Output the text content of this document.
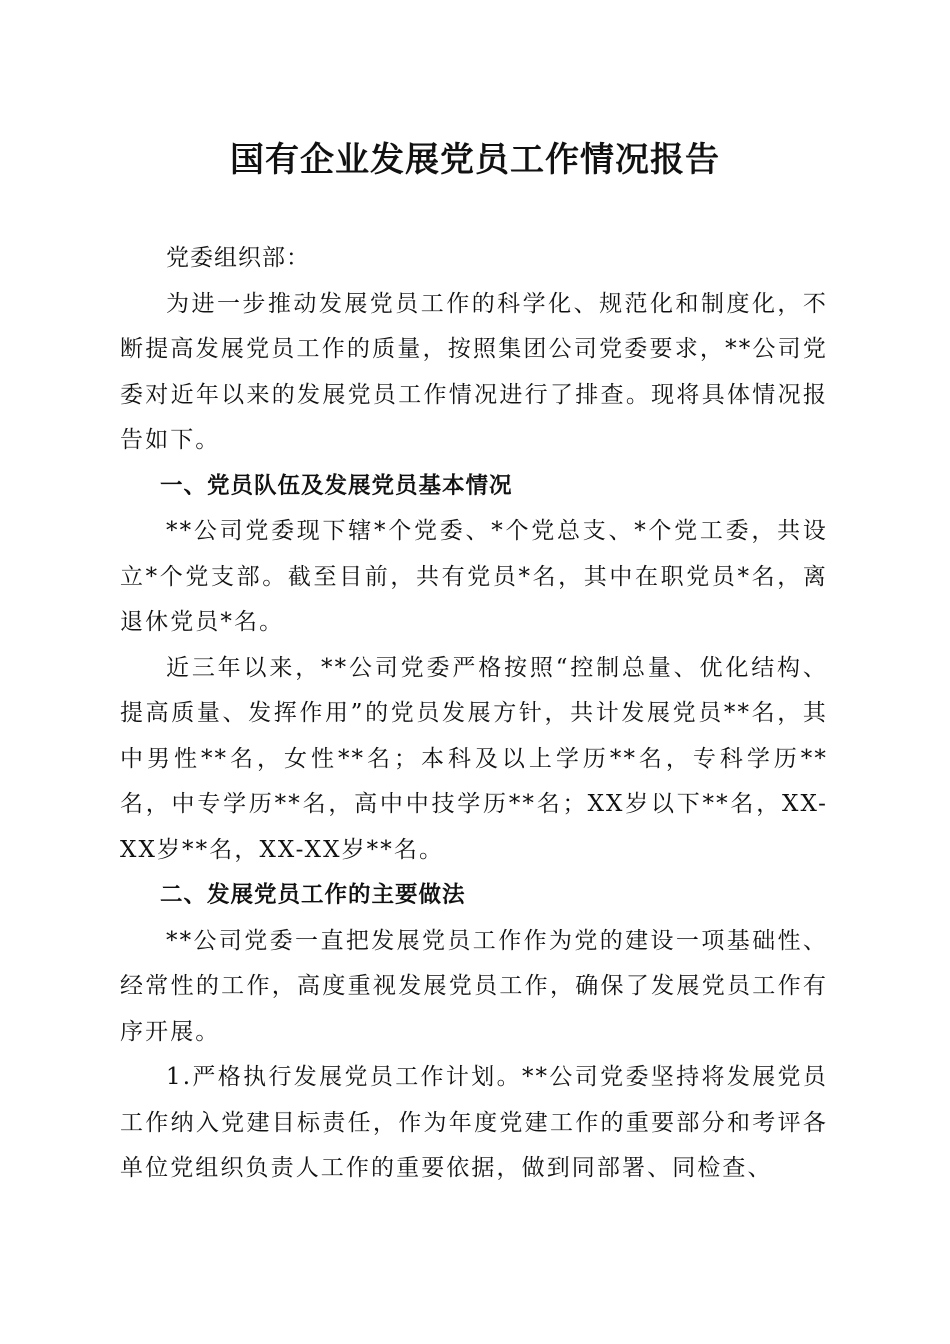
国有企业发展党员工作情况报告

党委组织部：

为进一步推动发展党员工作的科学化、规范化和制度化，不断提高发展党员工作的质量，按照集团公司党委要求，**公司党委对近年以来的发展党员工作情况进行了排查。现将具体情况报告如下。

一、党员队伍及发展党员基本情况

**公司党委现下辖*个党委、*个党总支、*个党工委，共设立*个党支部。截至目前，共有党员*名，其中在职党员*名，离退休党员*名。

近三年以来，**公司党委严格按照“控制总量、优化结构、提高质量、发挥作用”的党员发展方针，共计发展党员**名，其中男性**名，女性**名；本科及以上学历**名，专科学历**名，中专学历**名，高中中技学历**名；XX岁以下**名，XX-XX岁**名，XX-XX岁**名。

二、发展党员工作的主要做法

**公司党委一直把发展党员工作作为党的建设一项基础性、经常性的工作，高度重视发展党员工作，确保了发展党员工作有序开展。

1.严格执行发展党员工作计划。**公司党委坚持将发展党员工作纳入党建目标责任，作为年度党建工作的重要部分和考评各单位党组织负责人工作的重要依据，做到同部署、同检查、
